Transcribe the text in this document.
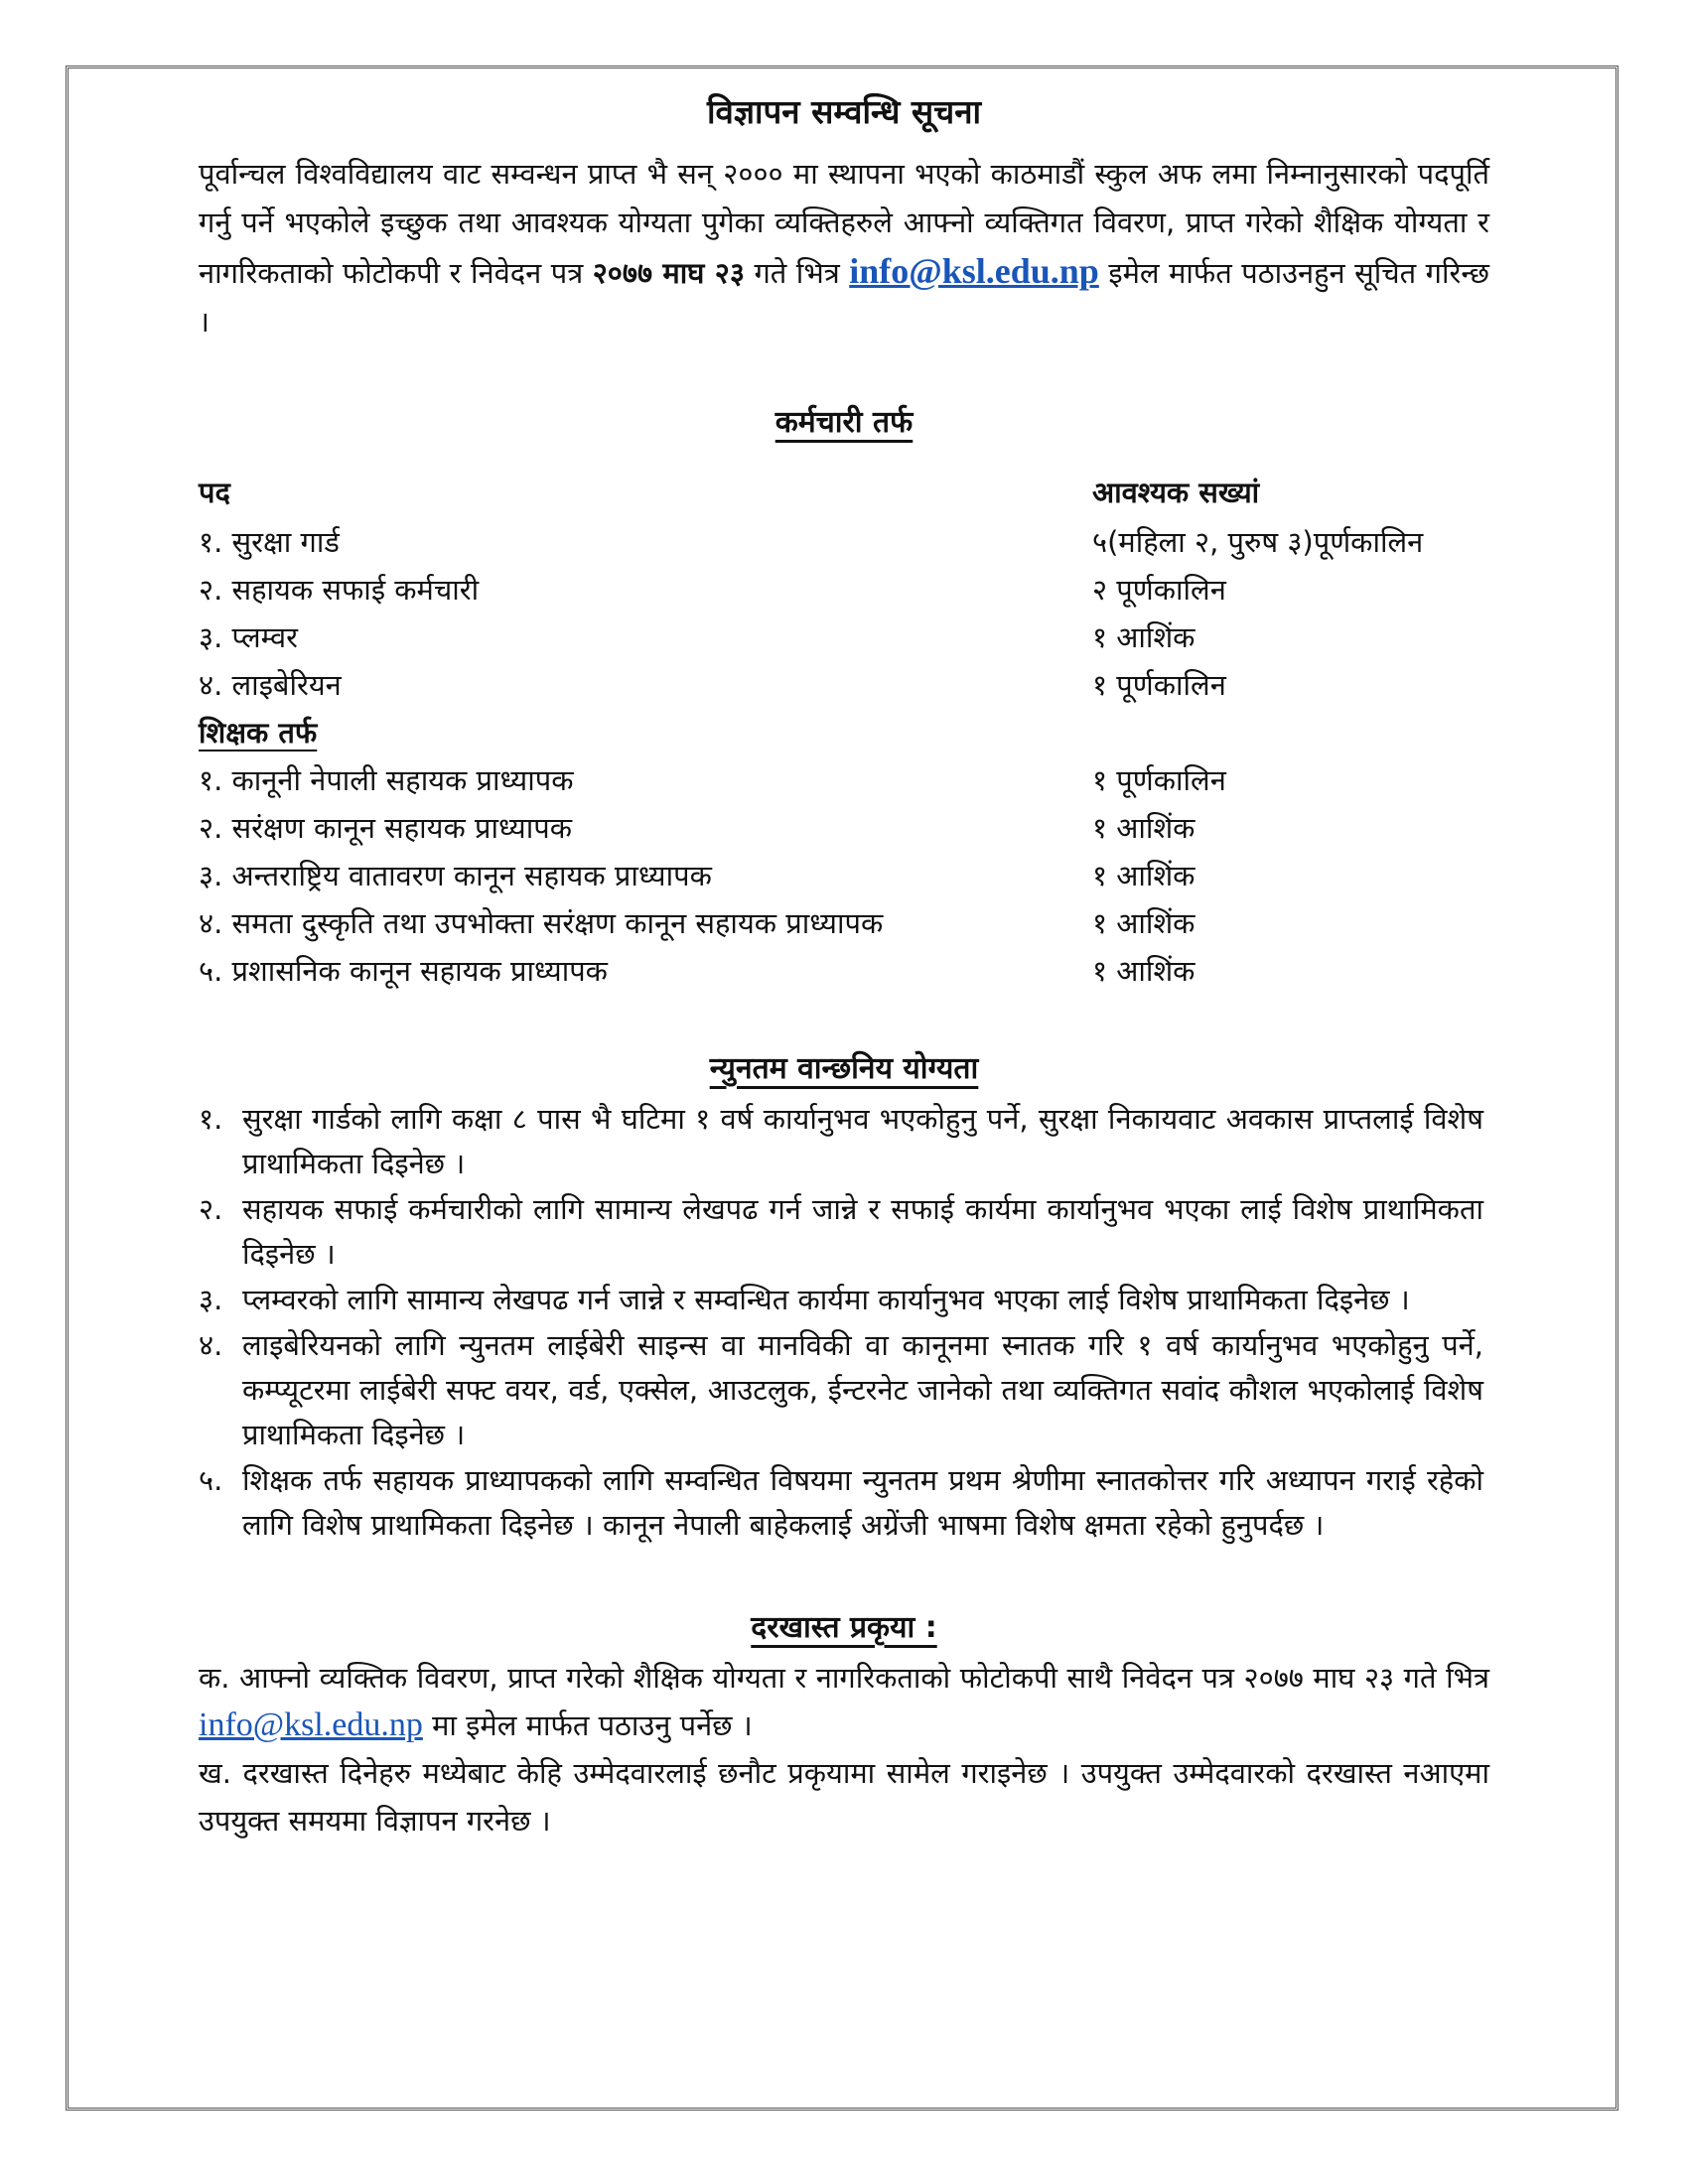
विज्ञापन सम्वन्धि सूचना

पूर्वान्चल विश्वविद्यालय वाट सम्वन्धन प्राप्त भै सन् २००० मा स्थापना भएको काठमाडौं स्कुल अफ लमा निम्नानुसारको पदपूर्ति गर्नु पर्ने भएकोले इच्छुक तथा आवश्यक योग्यता पुगेका व्यक्तिहरुले आफ्नो व्यक्तिगत विवरण, प्राप्त गरेको शैक्षिक योग्यता र नागरिकताको फोटोकपी र निवेदन पत्र २०७७ माघ २३ गते भित्र info@ksl.edu.np इमेल मार्फत पठाउनहुन सूचित गरिन्छ ।

कर्मचारी तर्फ
पद	आवश्यक सख्यां
१. सुरक्षा गार्ड	५(महिला २, पुरुष ३)पूर्णकालिन
२. सहायक सफाई कर्मचारी	२ पूर्णकालिन
३. प्लम्वर	१ आशिंक
४. लाइबेरियन	१ पूर्णकालिन
शिक्षक तर्फ
१. कानूनी नेपाली सहायक प्राध्यापक	१ पूर्णकालिन
२. सरंक्षण कानून सहायक प्राध्यापक	१ आशिंक
३. अन्तराष्ट्रिय वातावरण कानून सहायक प्राध्यापक	१ आशिंक
४. समता दुस्कृति तथा उपभोक्ता सरंक्षण कानून सहायक प्राध्यापक	१ आशिंक
५. प्रशासनिक कानून सहायक प्राध्यापक	१ आशिंक
न्युनतम वान्छनिय योग्यता
१. सुरक्षा गार्डको लागि कक्षा ८ पास भै घटिमा १ वर्ष कार्यानुभव भएकोहुनु पर्ने, सुरक्षा निकायवाट अवकास प्राप्तलाई विशेष प्राथामिकता दिइनेछ ।
२. सहायक सफाई कर्मचारीको लागि सामान्य लेखपढ गर्न जान्ने र सफाई कार्यमा कार्यानुभव भएका लाई विशेष प्राथामिकता दिइनेछ ।
३. प्लम्वरको लागि सामान्य लेखपढ गर्न जान्ने र सम्वन्धित कार्यमा कार्यानुभव भएका लाई विशेष प्राथामिकता दिइनेछ ।
४. लाइबेरियनको लागि न्युनतम लाईबेरी साइन्स वा मानविकी वा कानूनमा स्नातक गरि १ वर्ष कार्यानुभव भएकोहुनु पर्ने, कम्प्यूटरमा लाईबेरी सफ्ट वयर, वर्ड, एक्सेल, आउटलुक, ईन्टरनेट जानेको तथा व्यक्तिगत सवांद कौशल भएकोलाई विशेष प्राथामिकता दिइनेछ ।
५. शिक्षक तर्फ सहायक प्राध्यापकको लागि सम्वन्धित विषयमा न्युनतम प्रथम श्रेणीमा स्नातकोत्तर गरि अध्यापन गराई रहेको लागि विशेष प्राथामिकता दिइनेछ । कानून नेपाली बाहेकलाई अग्रेंजी भाषमा विशेष क्षमता रहेको हुनुपर्दछ ।
दरखास्त प्रकृया :

क. आफ्नो व्यक्तिक विवरण, प्राप्त गरेको शैक्षिक योग्यता र नागरिकताको फोटोकपी साथै निवेदन पत्र २०७७ माघ २३ गते भित्र info@ksl.edu.np मा इमेल मार्फत पठाउनु पर्नेछ ।

ख. दरखास्त दिनेहरु मध्येबाट केहि उम्मेदवारलाई छनौट प्रकृयामा सामेल गराइनेछ । उपयुक्त उम्मेदवारको दरखास्त नआएमा उपयुक्त समयमा विज्ञापन गरनेछ ।
